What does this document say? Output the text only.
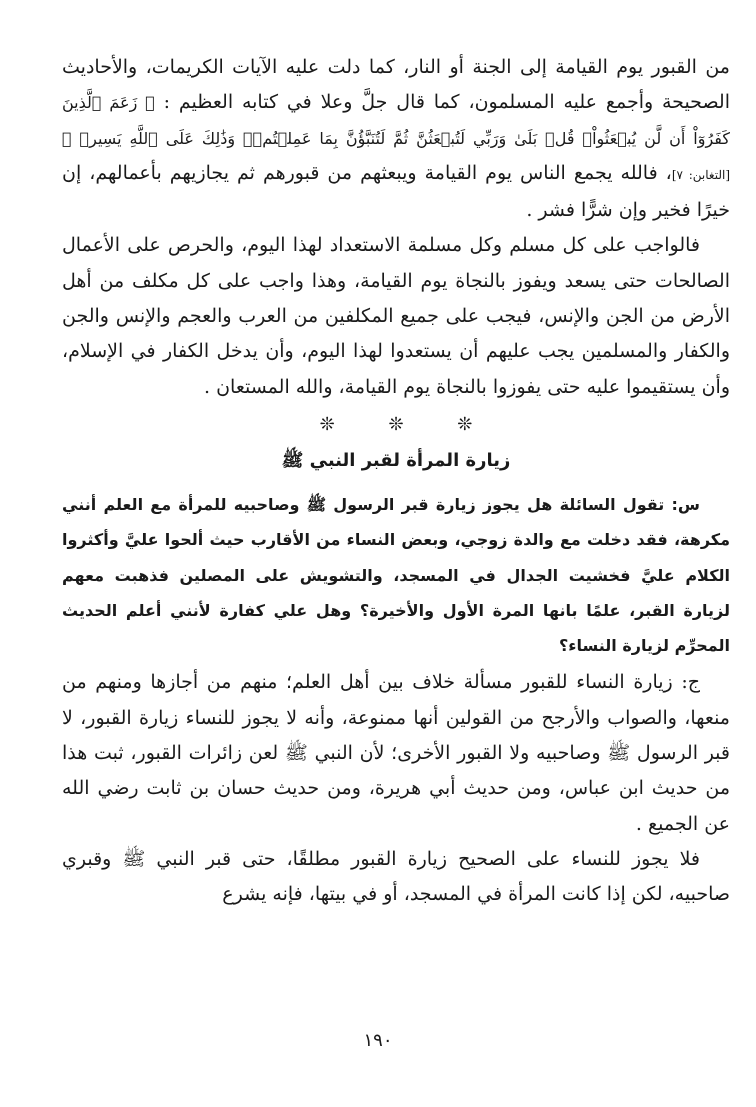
من القبور يوم القيامة إلى الجنة أو النار، كما دلت عليه الآيات الكريمات، والأحاديث الصحيحة وأجمع عليه المسلمون، كما قال جلَّ وعلا في كتابه العظيم : ﴿ زَعَمَ ٱلَّذِينَ كَفَرُوٓاْ أَن لَّن يُبۡعَثُواْۚ قُلۡ بَلَىٰ وَرَبِّي لَتُبۡعَثُنَّ ثُمَّ لَتُنَبَّؤُنَّ بِمَا عَمِلۡتُمۡۚ وَذَٰلِكَ عَلَى ٱللَّهِ يَسِيرٞ ﴾ [التغابن: ٧]، فالله يجمع الناس يوم القيامة ويبعثهم من قبورهم ثم يجازيهم بأعمالهم، إن خيرًا فخير وإن شرًّا فشر .

فالواجب على كل مسلم وكل مسلمة الاستعداد لهذا اليوم، والحرص على الأعمال الصالحات حتى يسعد ويفوز بالنجاة يوم القيامة، وهذا واجب على كل مكلف من أهل الأرض من الجن والإنس، فيجب على جميع المكلفين من العرب والعجم والإنس والجن والكفار والمسلمين يجب عليهم أن يستعدوا لهذا اليوم، وأن يدخل الكفار في الإسلام، وأن يستقيموا عليه حتى يفوزوا بالنجاة يوم القيامة، والله المستعان .

❊ ❊ ❊
زيارة المرأة لقبر النبي ﷺ

س: تقول السائلة هل يجوز زيارة قبر الرسول ﷺ وصاحبيه للمرأة مع العلم أنني مكرهة، فقد دخلت مع والدة زوجي، وبعض النساء من الأقارب حيث ألحوا عليَّ وأكثروا الكلام عليَّ فخشيت الجدال في المسجد، والتشويش على المصلين فذهبت معهم لزيارة القبر، علمًا بانها المرة الأول والأخيرة؟ وهل علي كفارة لأنني أعلم الحديث المحرِّم لزيارة النساء؟

ج: زيارة النساء للقبور مسألة خلاف بين أهل العلم؛ منهم من أجازها ومنهم من منعها، والصواب والأرجح من القولين أنها ممنوعة، وأنه لا يجوز للنساء زيارة القبور، لا قبر الرسول ﷺ وصاحبيه ولا القبور الأخرى؛ لأن النبي ﷺ لعن زائرات القبور، ثبت هذا من حديث ابن عباس، ومن حديث أبي هريرة، ومن حديث حسان بن ثابت رضي الله عن الجميع .

فلا يجوز للنساء على الصحيح زيارة القبور مطلقًا، حتى قبر النبي ﷺ وقبري صاحبيه، لكن إذا كانت المرأة في المسجد، أو في بيتها، فإنه يشرع

١٩٠
